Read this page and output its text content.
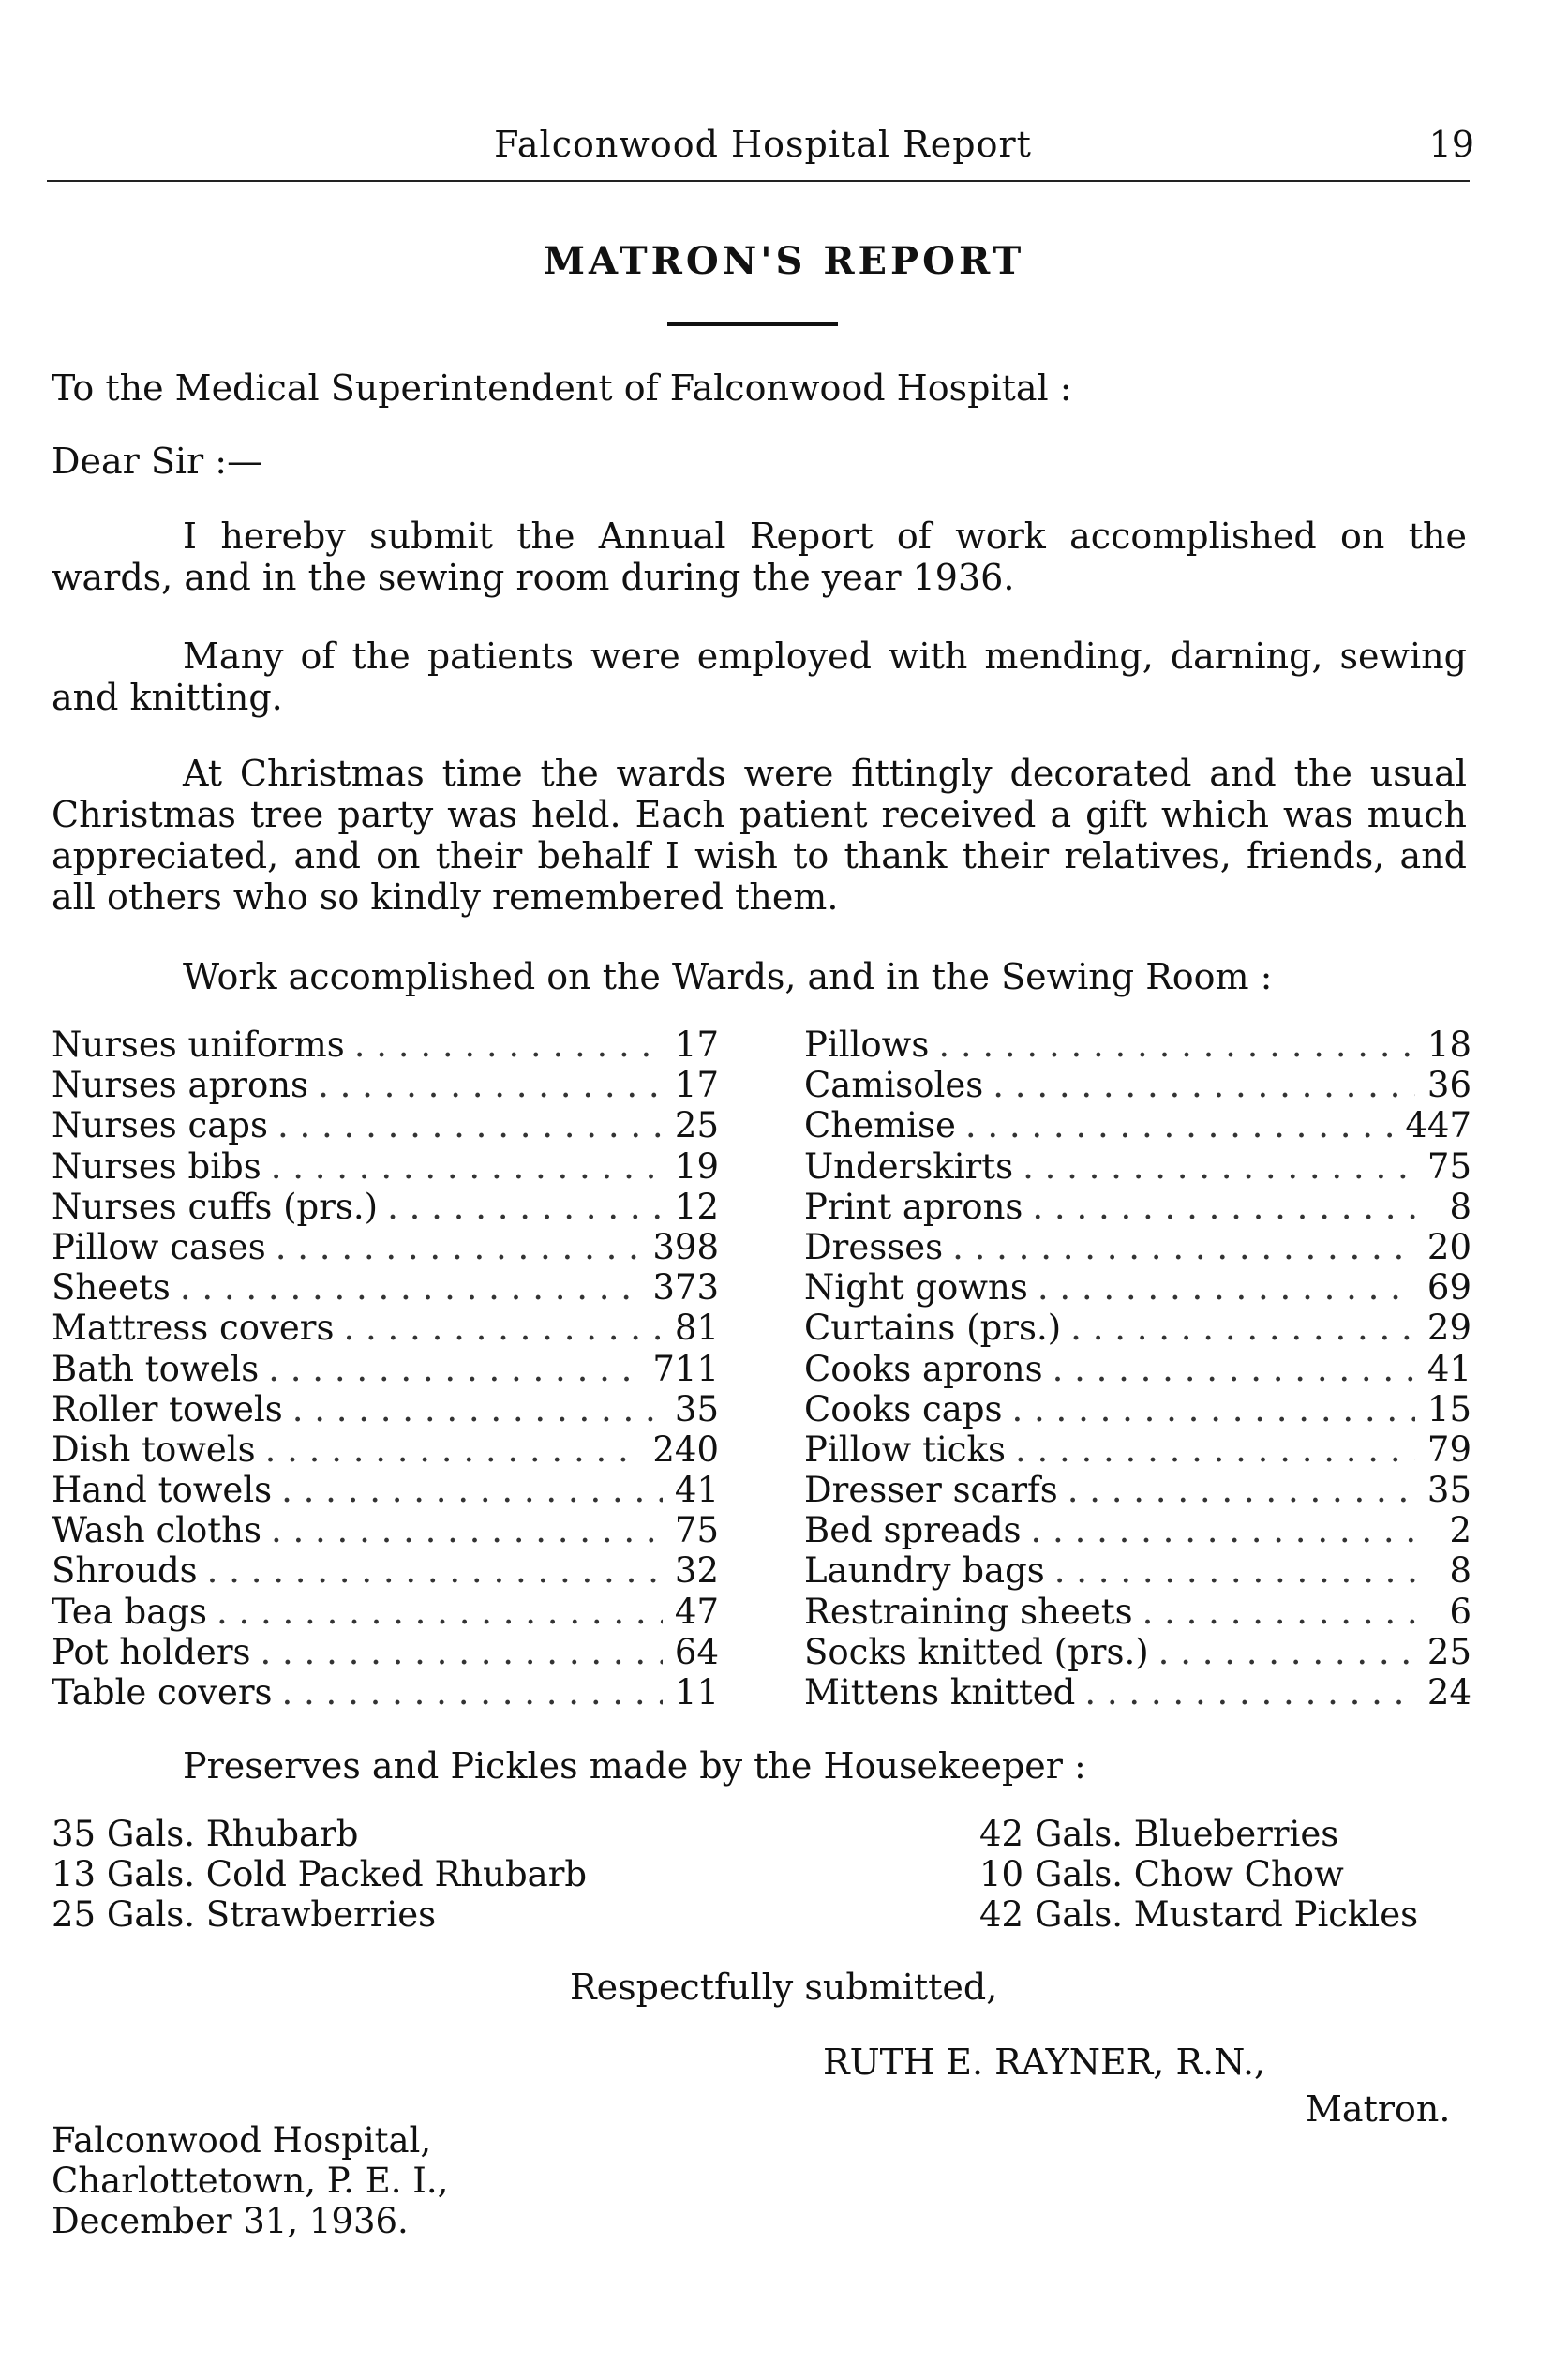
Falconwood Hospital Report	19
MATRON'S REPORT
To the Medical Superintendent of Falconwood Hospital :
Dear Sir :—
I hereby submit the Annual Report of work accomplished on the wards, and in the sewing room during the year 1936.
Many of the patients were employed with mending, darning, sewing and knitting.
At Christmas time the wards were fittingly decorated and the usual Christmas tree party was held. Each patient received a gift which was much appreciated, and on their behalf I wish to thank their relatives, friends, and all others who so kindly remembered them.
Work accomplished on the Wards, and in the Sewing Room :
Nurses uniforms . . .	17
Nurses aprons . . .	17
Nurses caps . . .	25
Nurses bibs . . .	19
Nurses cuffs (prs.) . . .	12
Pillow cases . . .	398
Sheets . . .	373
Mattress covers . . .	81
Bath towels . . .	711
Roller towels . . .	35
Dish towels . . .	240
Hand towels . . .	41
Wash cloths . . .	75
Shrouds . . .	32
Tea bags . . .	47
Pot holders . . .	64
Table covers . . .	11
Pillows . . .	18
Camisoles . . .	36
Chemise . . .	447
Underskirts . . .	75
Print aprons . . .	8
Dresses . . .	20
Night gowns . . .	69
Curtains (prs.) . . .	29
Cooks aprons . . .	41
Cooks caps . . .	15
Pillow ticks . . .	79
Dresser scarfs . . .	35
Bed spreads . . .	2
Laundry bags . . .	8
Restraining sheets . . .	6
Socks knitted (prs.) . . .	25
Mittens knitted . . .	24
Preserves and Pickles made by the Housekeeper :
35 Gals. Rhubarb
13 Gals. Cold Packed Rhubarb
25 Gals. Strawberries
42 Gals. Blueberries
10 Gals. Chow Chow
42 Gals. Mustard Pickles
Respectfully submitted,
RUTH E. RAYNER, R.N.,
Matron.
Falconwood Hospital,
Charlottetown, P. E. I.,
December 31, 1936.
